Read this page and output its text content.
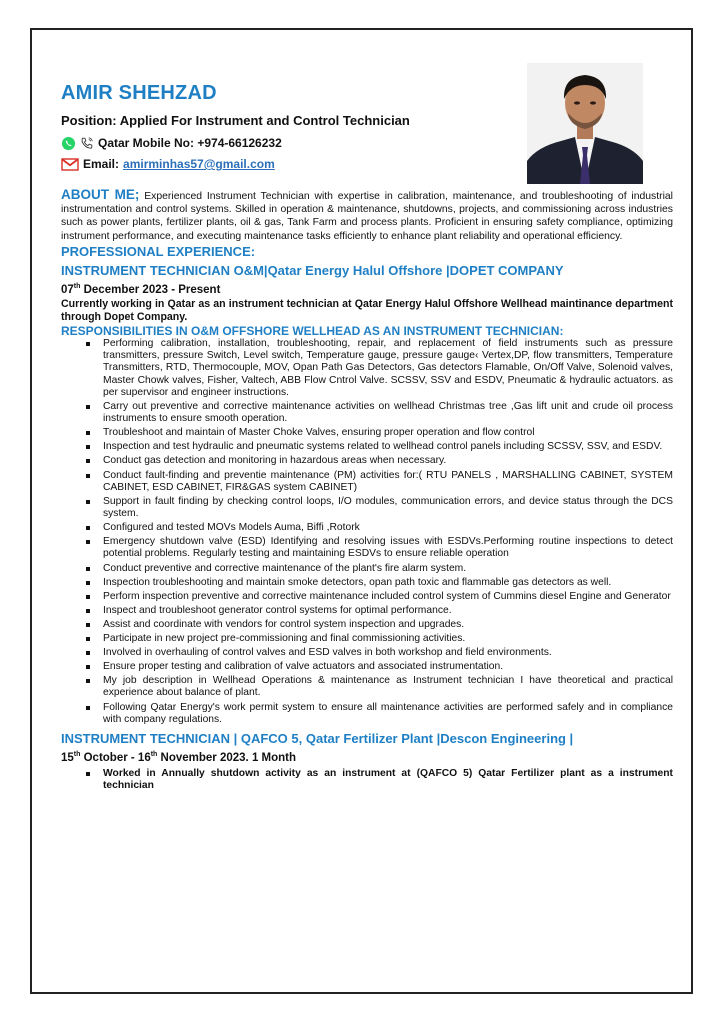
AMIR SHEHZAD
Position: Applied For Instrument and Control Technician
Qatar Mobile No: +974-66126232
Email: amirminhas57@gmail.com
ABOUT ME; Experienced Instrument Technician with expertise in calibration, maintenance, and troubleshooting of industrial instrumentation and control systems. Skilled in operation & maintenance, shutdowns, projects, and commissioning across industries such as power plants, fertilizer plants, oil & gas, Tank Farm and process plants. Proficient in ensuring safety compliance, optimizing instrument performance, and executing maintenance tasks efficiently to enhance plant reliability and operational efficiency.
PROFESSIONAL EXPERIENCE:
INSTRUMENT TECHNICIAN O&M|Qatar Energy Halul Offshore |DOPET COMPANY
07th December 2023 - Present
Currently working in Qatar as an instrument technician at Qatar Energy Halul Offshore Wellhead maintinance department through Dopet Company.
RESPONSIBILITIES IN O&M OFFSHORE WELLHEAD AS AN INSTRUMENT TECHNICIAN:
Performing calibration, installation, troubleshooting, repair, and replacement of field instruments such as pressure transmitters, pressure Switch, Level switch, Temperature gauge, pressure gauge‹ Vertex,DP, flow transmitters, Temperature Transmitters, RTD, Thermocouple, MOV, Opan Path Gas Detectors, Gas detectors Flamable, On/Off Valve, Solenoid valves, Master Chowk valves, Fisher, Valtech, ABB Flow Cntrol Valve. SCSSV, SSV and ESDV, Pneumatic & hydraulic actuators. as per supervisor and engineer instructions.
Carry out preventive and corrective maintenance activities on wellhead Christmas tree ,Gas lift unit and crude oil process instruments to ensure smooth operation.
Troubleshoot and maintain of Master Choke Valves, ensuring proper operation and flow control
Inspection and test hydraulic and pneumatic systems related to wellhead control panels including SCSSV, SSV, and ESDV.
Conduct gas detection and monitoring in hazardous areas when necessary.
Conduct fault-finding and preventie maintenance (PM) activities for:( RTU PANELS , MARSHALLING CABINET, SYSTEM CABINET, ESD CABINET, FIR&GAS system CABINET)
Support in fault finding by checking control loops, I/O modules, communication errors, and device status through the DCS system.
Configured and tested MOVs Models Auma, Biffi ,Rotork
Emergency shutdown valve (ESD) Identifying and resolving issues with ESDVs.Performing routine inspections to detect potential problems. Regularly testing and maintaining ESDVs to ensure reliable operation
Conduct preventive and corrective maintenance of the plant's fire alarm system.
Inspection troubleshooting and maintain smoke detectors, opan path toxic and flammable gas detectors as well.
Perform inspection preventive and corrective maintenance included control system of Cummins diesel Engine and Generator
Inspect and troubleshoot generator control systems for optimal performance.
Assist and coordinate with vendors for control system inspection and upgrades.
Participate in new project pre-commissioning and final commissioning activities.
Involved in overhauling of control valves and ESD valves in both workshop and field environments.
Ensure proper testing and calibration of valve actuators and associated instrumentation.
My job description in Wellhead Operations & maintenance as Instrument technician I have theoretical and practical experience about balance of plant.
Following Qatar Energy's work permit system to ensure all maintenance activities are performed safely and in compliance with company regulations.
INSTRUMENT TECHNICIAN | QAFCO 5, Qatar Fertilizer Plant |Descon Engineering |
15th October - 16th November 2023. 1 Month
Worked in Annually shutdown activity as an instrument at (QAFCO 5) Qatar Fertilizer plant as a instrument technician
